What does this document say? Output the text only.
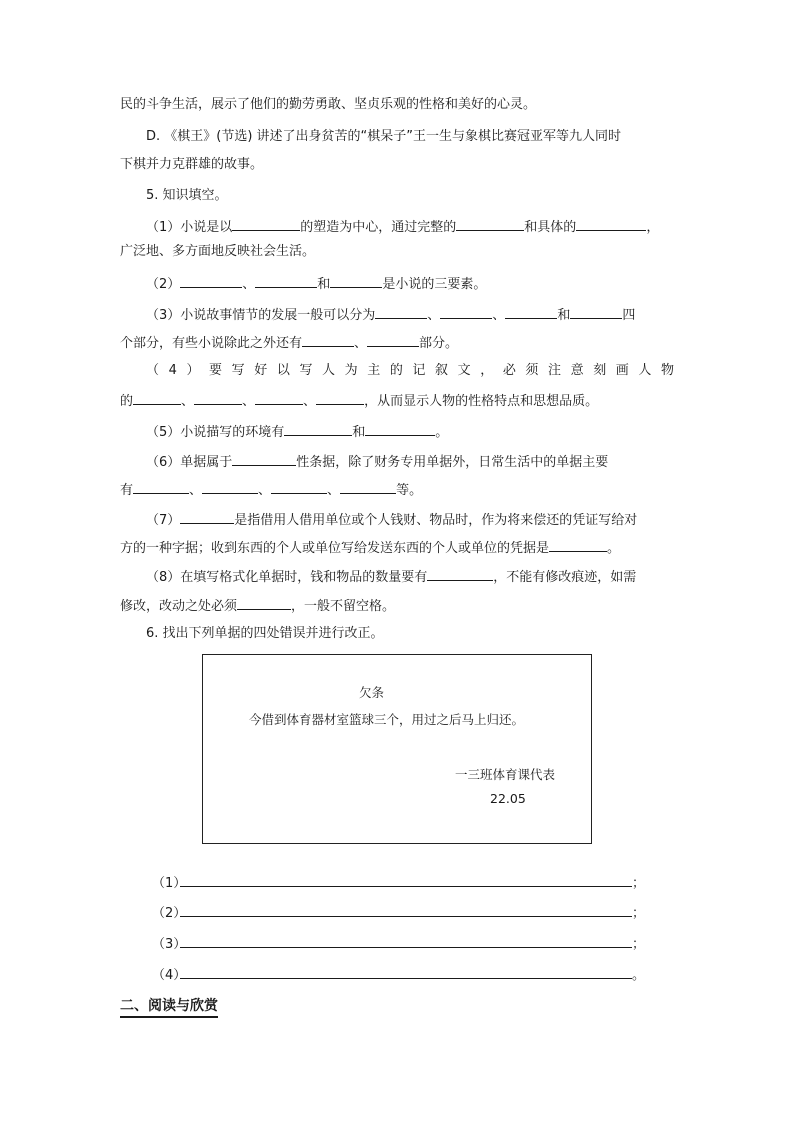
民的斗争生活，展示了他们的勤劳勇敢、坚贞乐观的性格和美好的心灵。
D. 《棋王》(节选) 讲述了出身贫苦的“棋呆子”王一生与象棋比赛冠亚军等九人同时
下棋并力克群雄的故事。
5. 知识填空。
（1）小说是以	的塑造为中心，通过完整的	和具体的	，
广泛地、多方面地反映社会生活。
（2）	、	和	是小说的三要素。
（3）小说故事情节的发展一般可以分为	、	、	和	四
个部分，有些小说除此之外还有	、	部分。
（4）要写好以写人为主的记叙文，必须注意刻画人物
的	、	、	、	，从而显示人物的性格特点和思想品质。
（5）小说描写的环境有	和	。
（6）单据属于	性条据，除了财务专用单据外，日常生活中的单据主要
有	、	、	、	等。
（7）	是指借用人借用单位或个人钱财、物品时，作为将来偿还的凭证写给对
方的一种字据；收到东西的个人或单位写给发送东西的个人或单位的凭据是	。
（8）在填写格式化单据时，钱和物品的数量要有	，不能有修改痕迹，如需
修改，改动之处必须	，一般不留空格。
6. 找出下列单据的四处错误并进行改正。
欠条
今借到体育器材室篮球三个，用过之后马上归还。
一三班体育课代表
22.05
（1）	；
（2）	；
（3）	；
（4）	。
二、阅读与欣赏
